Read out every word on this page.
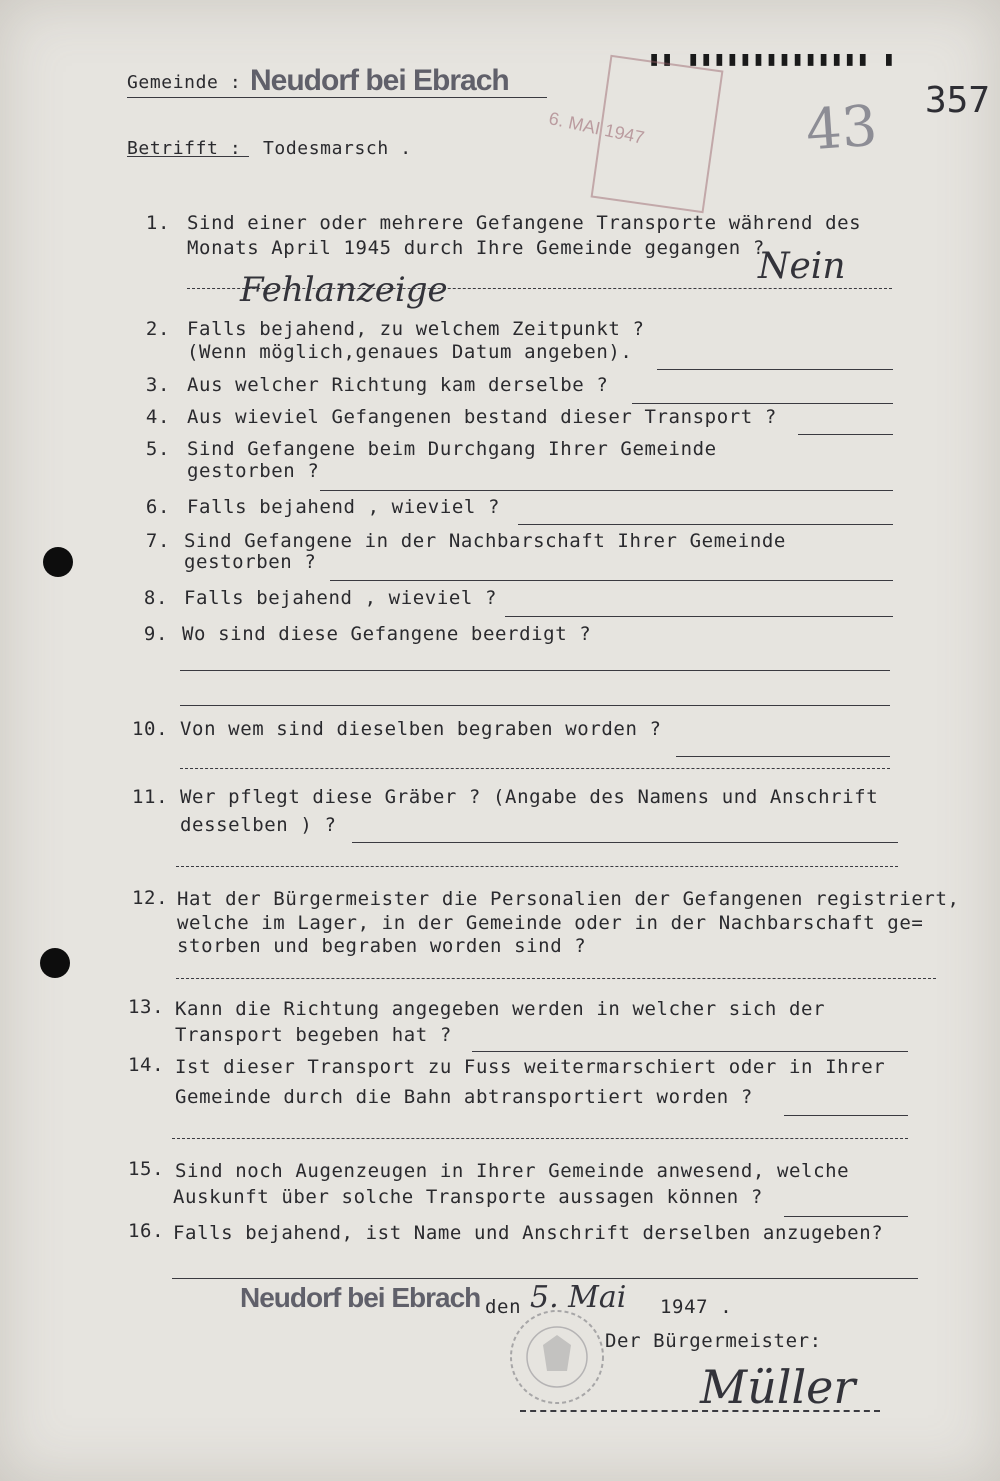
▮▮ ▮▮▮▮▮▮▮▮▮▮▮▮▮▮ ▮
357
43
6. MAI 1947
Gemeinde : Neudorf bei Ebrach
Betrifft : Todesmarsch .
1. Sind einer oder mehrere Gefangene Transporte während des
Monats April 1945 durch Ihre Gemeinde gegangen ?
Nein
Fehlanzeige
2. Falls bejahend, zu welchem Zeitpunkt ?
(Wenn möglich,genaues Datum angeben).
3. Aus welcher Richtung kam derselbe ?
4. Aus wieviel Gefangenen bestand dieser Transport ?
5. Sind Gefangene beim Durchgang Ihrer Gemeinde
gestorben ?
6. Falls bejahend , wieviel ?
7. Sind Gefangene in der Nachbarschaft Ihrer Gemeinde
gestorben ?
8. Falls bejahend , wieviel ?
9. Wo sind diese Gefangene beerdigt ?
10. Von wem sind dieselben begraben worden ?
11. Wer pflegt diese Gräber ? (Angabe des Namens und Anschrift
desselben ) ?
12. Hat der Bürgermeister die Personalien der Gefangenen registriert,
welche im Lager, in der Gemeinde oder in der Nachbarschaft ge=
storben und begraben worden sind ?
13. Kann die Richtung angegeben werden in welcher sich der
Transport begeben hat ?
14. Ist dieser Transport zu Fuss weitermarschiert oder in Ihrer
Gemeinde durch die Bahn abtransportiert worden ?
15. Sind noch Augenzeugen in Ihrer Gemeinde anwesend, welche
Auskunft über solche Transporte aussagen können ?
16. Falls bejahend, ist Name und Anschrift derselben anzugeben?
Neudorf bei Ebrach den 5. Mai 1947 .
Der Bürgermeister:
Müller
